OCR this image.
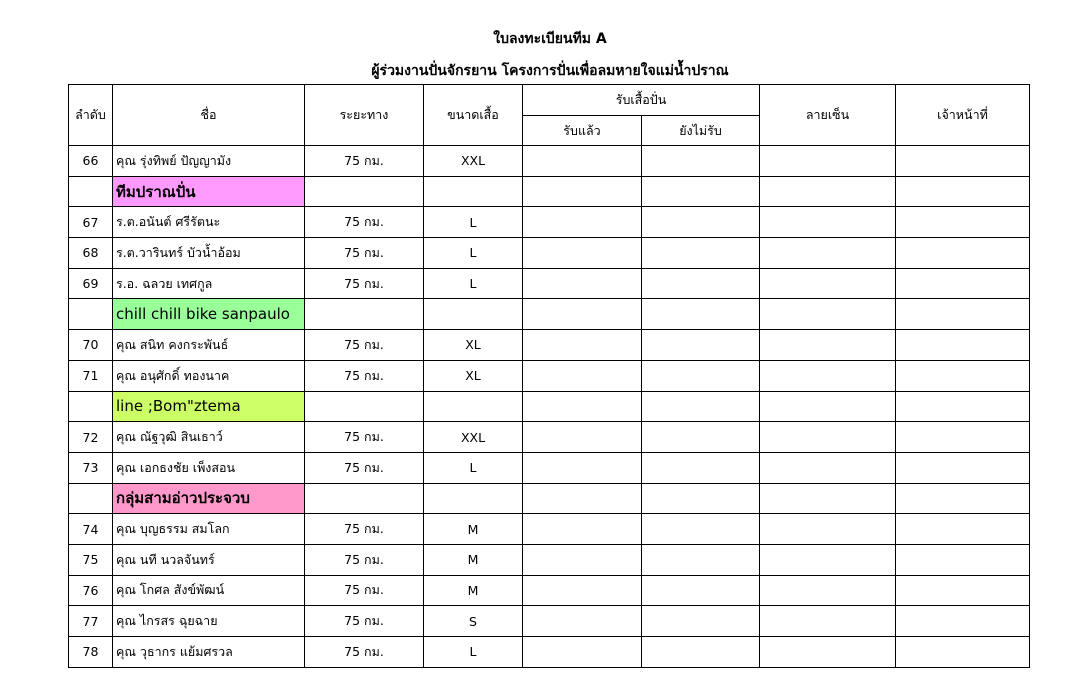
ใบลงทะเบียนทีม A
ผู้ร่วมงานปั่นจักรยาน โครงการปั่นเพื่อลมหายใจแม่น้ำปราณ
ลำดับ	ชื่อ	ระยะทาง	ขนาดเสื้อ	รับเสื้อปั่น		ลายเซ็น	เจ้าหน้าที่
				รับแล้ว	ยังไม่รับ		
66	คุณ รุ่งทิพย์ ปัญญามัง	75 กม.	XXL				
	ทีมปราณปั่น						
67	ร.ต.อนันต์ ศรีรัตนะ	75 กม.	L				
68	ร.ต.วารินทร์ บัวน้ำอ้อม	75 กม.	L				
69	ร.อ. ฉลวย เทศกูล	75 กม.	L				
	chill chill bike sanpaulo						
70	คุณ สนิท คงกระพันธ์	75 กม.	XL				
71	คุณ อนุศักดิ์ ทองนาค	75 กม.	XL				
	line ;Bom"ztema						
72	คุณ ณัฐวุฒิ สินเธาว์	75 กม.	XXL				
73	คุณ เอกธงชัย เพ็งสอน	75 กม.	L				
	กลุ่มสามอ่าวประจวบ						
74	คุณ บุญธรรม สมโลก	75 กม.	M				
75	คุณ นที นวลจันทร์	75 กม.	M				
76	คุณ โกศล สังข์พัฒน์	75 กม.	M				
77	คุณ ไกรสร ฉุยฉาย	75 กม.	S				
78	คุณ วุธากร แย้มศรวล	75 กม.	L				
